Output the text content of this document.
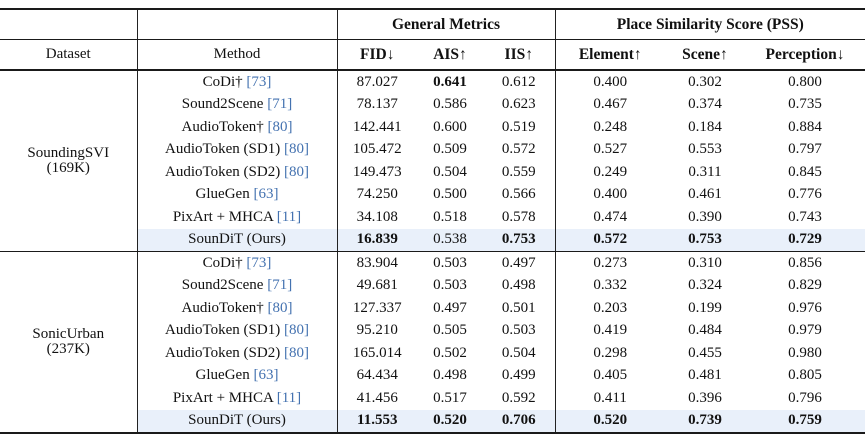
		General Metrics			Place Similarity Score (PSS)		
Dataset	Method	FID↓	AIS↑	IIS↑	Element↑	Scene↑	Perception↓

SoundingSVI
(169K)	CoDi† [73]	87.027	0.641	0.612	0.400	0.302	0.800
	Sound2Scene [71]	78.137	0.586	0.623	0.467	0.374	0.735
	AudioToken† [80]	142.441	0.600	0.519	0.248	0.184	0.884
	AudioToken (SD1) [80]	105.472	0.509	0.572	0.527	0.553	0.797
	AudioToken (SD2) [80]	149.473	0.504	0.559	0.249	0.311	0.845
	GlueGen [63]	74.250	0.500	0.566	0.400	0.461	0.776
	PixArt + MHCA [11]	34.108	0.518	0.578	0.474	0.390	0.743
	SounDiT (Ours)	16.839	0.538	0.753	0.572	0.753	0.729

SonicUrban
(237K)	CoDi† [73]	83.904	0.503	0.497	0.273	0.310	0.856
	Sound2Scene [71]	49.681	0.503	0.498	0.332	0.324	0.829
	AudioToken† [80]	127.337	0.497	0.501	0.203	0.199	0.976
	AudioToken (SD1) [80]	95.210	0.505	0.503	0.419	0.484	0.979
	AudioToken (SD2) [80]	165.014	0.502	0.504	0.298	0.455	0.980
	GlueGen [63]	64.434	0.498	0.499	0.405	0.481	0.805
	PixArt + MHCA [11]	41.456	0.517	0.592	0.411	0.396	0.796
	SounDiT (Ours)	11.553	0.520	0.706	0.520	0.739	0.759
